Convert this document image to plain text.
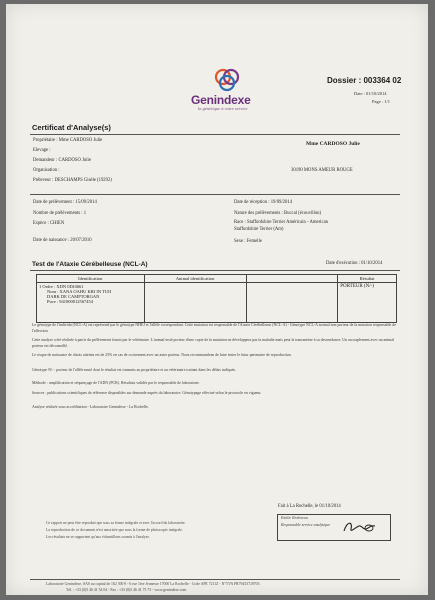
Genindexe
la génétique à votre service
Dossier : 003364 02
Date : 01/10/2014
Page : 1/1
Certificat d'Analyse(s)
Propriétaire : Mme CARDOSO Julie
Elevage :
Demandeur : CARDOSO Julie
Organisation :
Préleveur : DESCHAMPS Gisèle (19292)
Mme CARDOSO Julie
30190 MONS AMEUR ROUGE
Date de prélèvement : 15/09/2014
Nombre de prélèvements : 1
Espèce : CHIEN
Date de naissance : 20/07/2010
Date de réception : 19/09/2014
Nature des prélèvements : Buccal (écouvillon)
Race : Staffordshire Terrier Américain - American
Staffordshire Terrier (Am)
Sexe : Femelle
Test de l'Ataxie Cérébelleuse (NCL-A)	Date d'exécution : 01/10/2014
Identification	Animal identification		Résultat

1 Ordre : XDN 0DJ4661
Nom : XANA OAHU KRI IN TUII
DARK DE CAMPTORGAN
Puce : 941000012567454			PORTEUR (N/-)
Le génotype de l'individu (NCL-A) est représenté par le génotype NHEJ et l'allèle correspondant. Cette mutation est responsable de l'Ataxie Cérébelleuse (NCL-A) - Génotype NCL-A normal non porteur de la mutation responsable de l'affection.
Cette analyse a été réalisée à partir du prélèvement fourni par le vétérinaire. L'animal testé porteur d'une copie de la mutation ne développera pas la maladie mais peut la transmettre à sa descendance. Un accouplement avec un animal porteur est déconseillé.
Le risque de naissance de chiots atteints est de 25% en cas de croisement avec un autre porteur. Nous recommandons de faire tester le futur partenaire de reproduction.
Génotype N/- : porteur de l'allèle muté dont le résultat est transmis au propriétaire et au vétérinaire traitant dans les délais indiqués.
Méthode : amplification et séquençage de l'ADN (PCR). Résultats validés par le responsable de laboratoire.
Sources : publications scientifiques de référence disponibles sur demande auprès du laboratoire. Génotypage effectué selon le protocole en vigueur.
Analyse réalisée sous accréditation - Laboratoire Genindexe - La Rochelle.
Fait à La Rochelle, le 01/10/2014
Emilie Richeteau
Responsable service analytique
Ce rapport ne peut être reproduit que sous sa forme intégrale et avec l'accord du laboratoire.
La reproduction de ce document n'est autorisée que sous la forme de photocopie intégrale.
Les résultats ne se rapportent qu'aux échantillons soumis à l'analyse.
Laboratoire Genindexe, SAS au capital de 162 500 € - 6 rue 1ère Jeunesse 17000 La Rochelle - Code APE 7211Z - N°TVA FR79433729703
Tél. : +33 (0)5 46 41 54 04 - Fax : +33 (0)5 46 41 75 73 - www.genindexe.com
